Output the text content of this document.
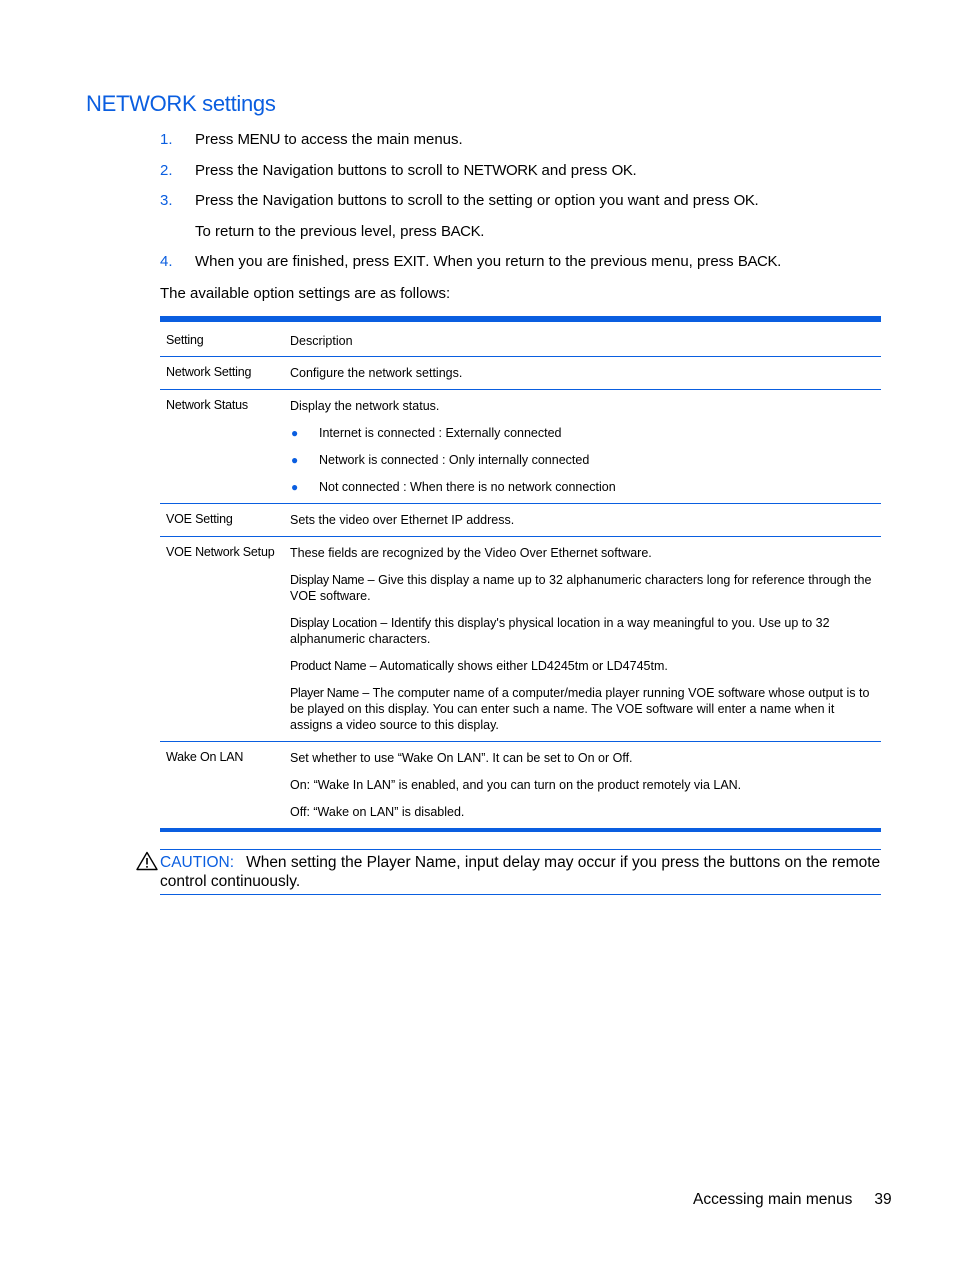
NETWORK settings
1. Press MENU to access the main menus.
2. Press the Navigation buttons to scroll to NETWORK and press OK.
3. Press the Navigation buttons to scroll to the setting or option you want and press OK.
To return to the previous level, press BACK.
4. When you are finished, press EXIT. When you return to the previous menu, press BACK.
The available option settings are as follows:
Setting	Description
Network Setting	Configure the network settings.
Network Status	Display the network status.
● Internet is connected : Externally connected
● Network is connected : Only internally connected
● Not connected : When there is no network connection
VOE Setting	Sets the video over Ethernet IP address.
VOE Network Setup	These fields are recognized by the Video Over Ethernet software.

Display Name – Give this display a name up to 32 alphanumeric characters long for reference through the VOE software.

Display Location – Identify this display's physical location in a way meaningful to you. Use up to 32 alphanumeric characters.

Product Name – Automatically shows either LD4245tm or LD4745tm.

Player Name – The computer name of a computer/media player running VOE software whose output is to be played on this display. You can enter such a name. The VOE software will enter a name when it assigns a video source to this display.

Wake On LAN	Set whether to use “Wake On LAN”. It can be set to On or Off.

On: “Wake In LAN” is enabled, and you can turn on the product remotely via LAN.

Off: “Wake on LAN” is disabled.

CAUTION: When setting the Player Name, input delay may occur if you press the buttons on the remote control continuously.
Accessing main menus 39
